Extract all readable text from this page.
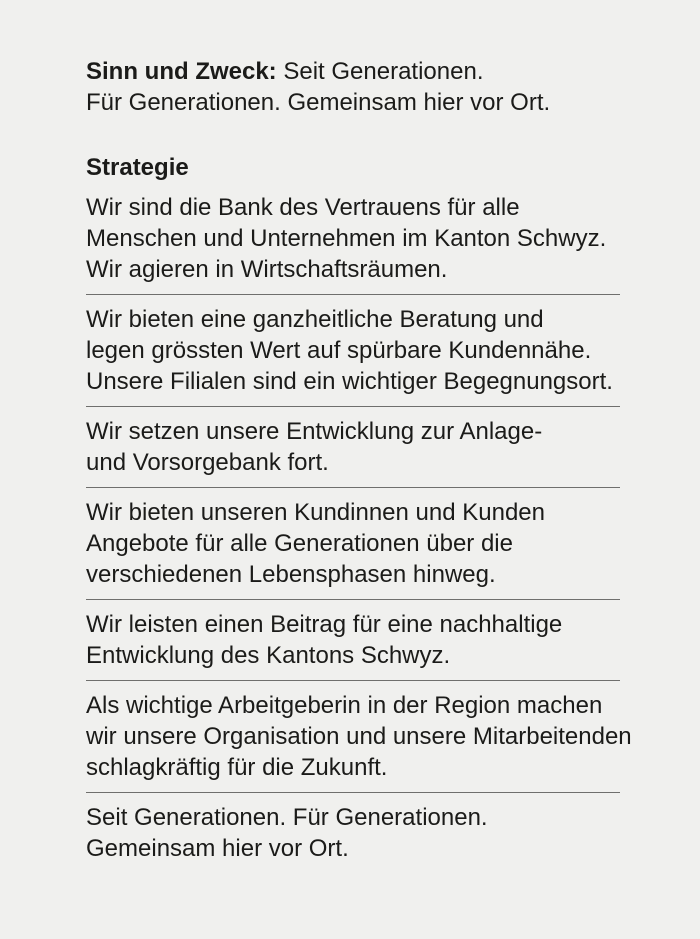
Sinn und Zweck: Seit Generationen.
Für Generationen. Gemeinsam hier vor Ort.

Strategie

Wir sind die Bank des Vertrauens für alle
Menschen und Unternehmen im Kanton Schwyz.
Wir agieren in Wirtschaftsräumen.

Wir bieten eine ganzheitliche Beratung und
legen grössten Wert auf spürbare Kundennähe.
Unsere Filialen sind ein wichtiger Begegnungsort.

Wir setzen unsere Entwicklung zur Anlage-
und Vorsorgebank fort.

Wir bieten unseren Kundinnen und Kunden
Angebote für alle Generationen über die
verschiedenen Lebensphasen hinweg.

Wir leisten einen Beitrag für eine nachhaltige
Entwicklung des Kantons Schwyz.

Als wichtige Arbeitgeberin in der Region machen
wir unsere Organisation und unsere Mitarbeitenden
schlagkräftig für die Zukunft.

Seit Generationen. Für Generationen.
Gemeinsam hier vor Ort.
